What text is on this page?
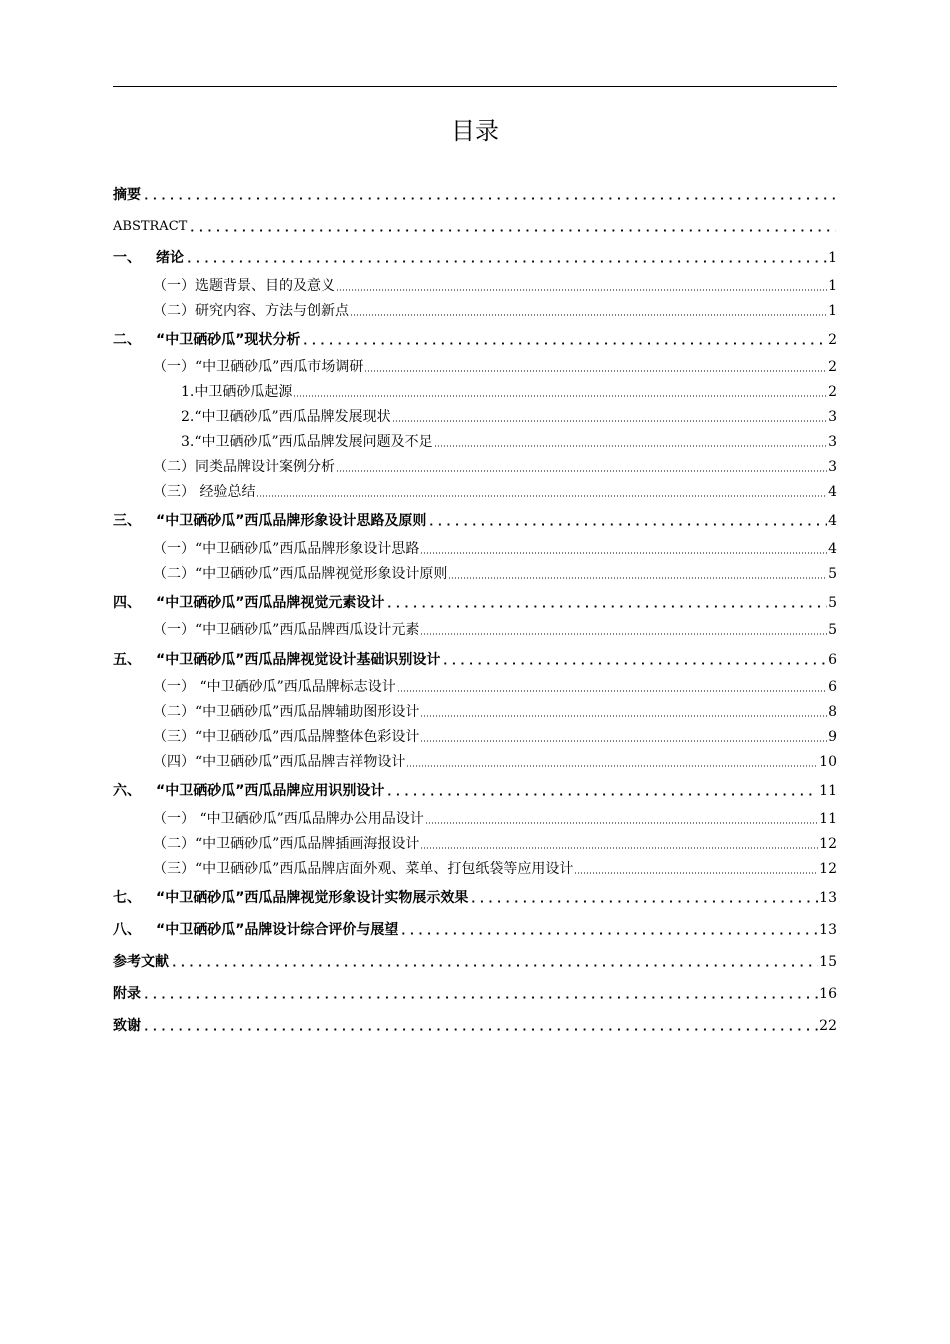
目录
摘要
ABSTRACT
一、	绪论	1
（一）选题背景、目的及意义	1
（二）研究内容、方法与创新点	1
二、	“中卫硒砂瓜”现状分析	2
（一）“中卫硒砂瓜”西瓜市场调研	2
1.中卫硒砂瓜起源	2
2.“中卫硒砂瓜”西瓜品牌发展现状	3
3.“中卫硒砂瓜”西瓜品牌发展问题及不足	3
（二）同类品牌设计案例分析	3
（三） 经验总结	4
三、	“中卫硒砂瓜”西瓜品牌形象设计思路及原则	4
（一）“中卫硒砂瓜”西瓜品牌形象设计思路	4
（二）“中卫硒砂瓜”西瓜品牌视觉形象设计原则	5
四、	“中卫硒砂瓜”西瓜品牌视觉元素设计	5
（一）“中卫硒砂瓜”西瓜品牌西瓜设计元素	5
五、	“中卫硒砂瓜”西瓜品牌视觉设计基础识别设计	6
（一） “中卫硒砂瓜”西瓜品牌标志设计	6
（二）“中卫硒砂瓜”西瓜品牌辅助图形设计	8
（三）“中卫硒砂瓜”西瓜品牌整体色彩设计	9
（四）“中卫硒砂瓜”西瓜品牌吉祥物设计	10
六、	“中卫硒砂瓜”西瓜品牌应用识别设计	11
（一） “中卫硒砂瓜”西瓜品牌办公用品设计	11
（二）“中卫硒砂瓜”西瓜品牌插画海报设计	12
（三）“中卫硒砂瓜”西瓜品牌店面外观、菜单、打包纸袋等应用设计	12
七、	“中卫硒砂瓜”西瓜品牌视觉形象设计实物展示效果	13
八、	“中卫硒砂瓜”品牌设计综合评价与展望	13
参考文献	15
附录	16
致谢	22
